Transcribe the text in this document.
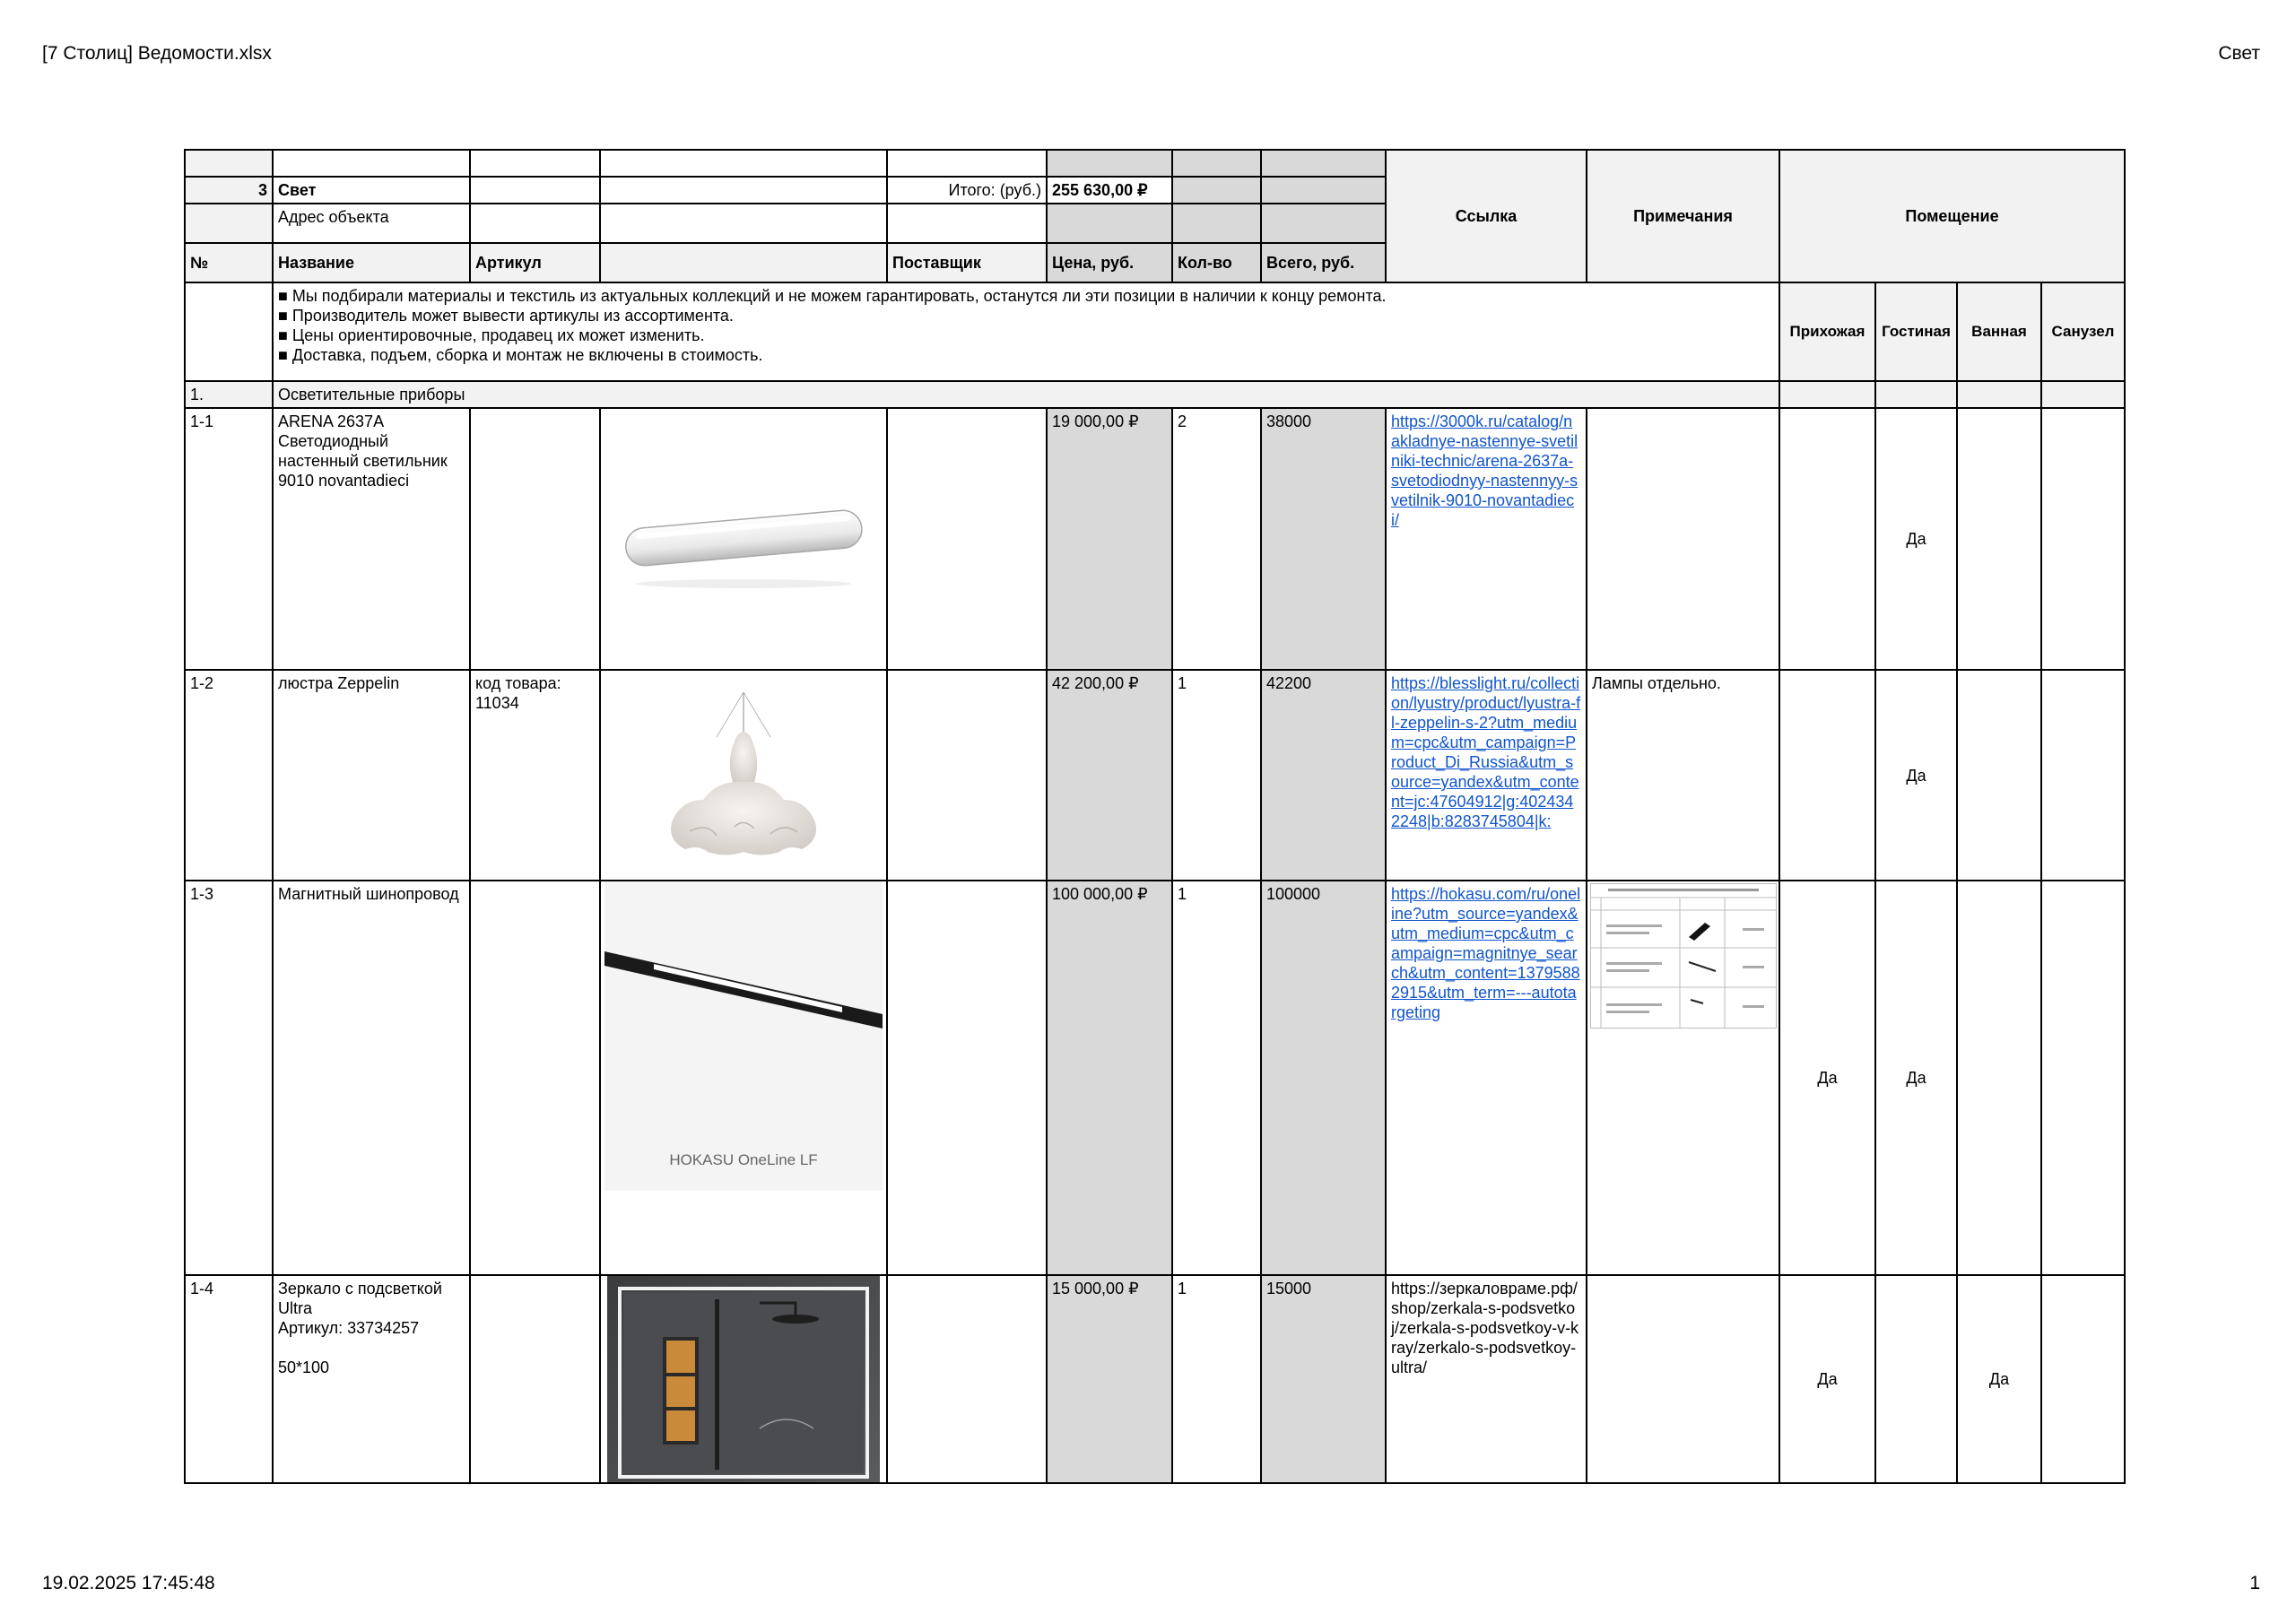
[7 Столиц] Ведомости.xlsx	Свет
								Ссылка	Примечания	Помещение			
3	Свет			Итого: (руб.)	255 630,00 ₽								
	Адрес объекта												
№	Название	Артикул		Поставщик	Цена, руб.	Кол-во	Всего, руб.						

	■ Мы подбирали материалы и текстиль из актуальных коллекций и не можем гарантировать, останутся ли эти позиции в наличии к концу ремонта.
■ Производитель может вывести артикулы из ассортимента.
■ Цены ориентировочные, продавец их может изменить.
■ Доставка, подъем, сборка и монтаж не включены в стоимость.									Прихожая	Гостиная	Ванная	Санузел
1.	Осветительные приборы												
1-1	ARENA 2637A Светодиодный настенный светильник 9010 novantadieci				19 000,00 ₽	2	38000	https://3000k.ru/catalog/nakladnye-nastennye-svetilniki-technic/arena-2637a-svetodiodnyy-nastennyy-svetilnik-9010-novantadieci/			Да		
1-2	люстра Zeppelin	код товара: 11034			42 200,00 ₽	1	42200	https://blesslight.ru/collection/lyustry/product/lyustra-fl-zeppelin-s-2?utm_medium=cpc&utm_campaign=Product_Di_Russia&utm_source=yandex&utm_content=jc:47604912|g:4024342248|b:8283745804|k:	Лампы отдельно.		Да		
1-3	Магнитный шинопровод		HOKASU OneLine LF		100 000,00 ₽	1	100000	https://hokasu.com/ru/oneline?utm_source=yandex&utm_medium=cpc&utm_campaign=magnitnye_search&utm_content=13795882915&utm_term=---autotargeting		Да	Да		
1-4	Зеркало с подсветкой Ultra
Артикул: 33734257
50*100				15 000,00 ₽	1	15000	https://зеркаловраме.рф/shop/zerkala-s-podsvetkoj/zerkala-s-podsvetkoy-v-kray/zerkalo-s-podsvetkoy-ultra/		Да		Да	
19.02.2025 17:45:48	1
